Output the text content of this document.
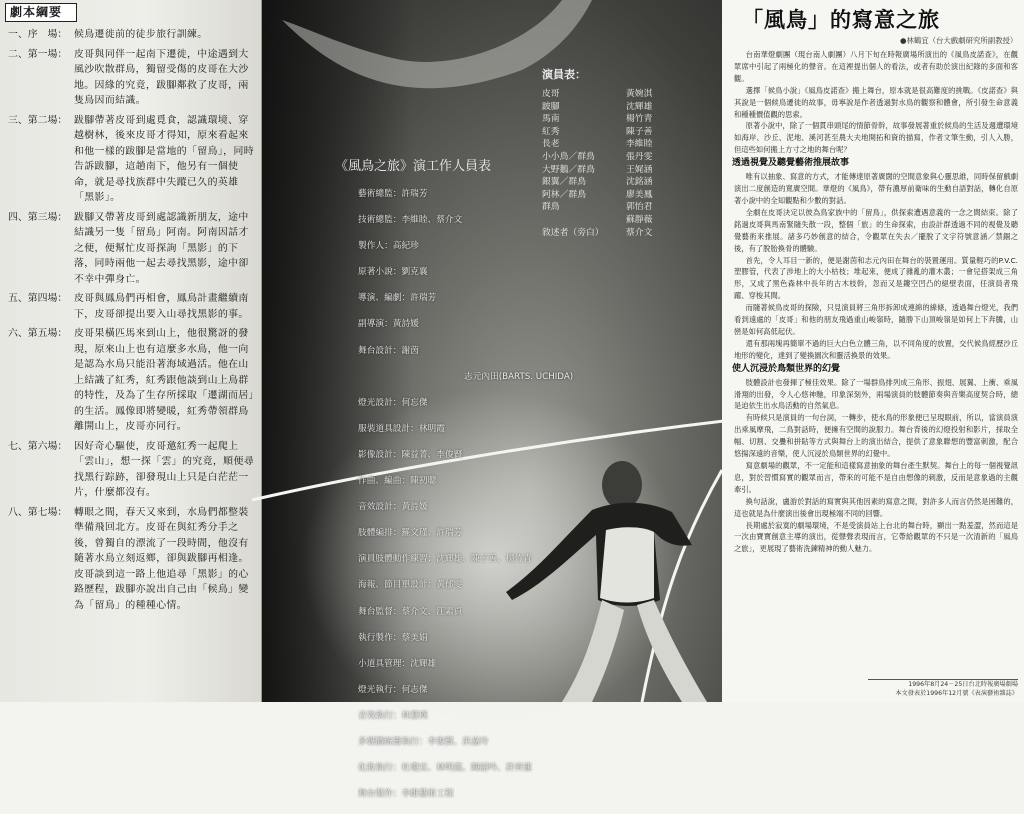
劇本綱要
一、序　場： 候鳥遷徙前的徒步旅行訓練。
二、第一場： 皮哥與同伴一起南下遷徙，中途遇到大風沙吹散群鳥，獨留受傷的皮哥在大沙地。因緣的究竟，跋腳鄰救了皮哥，兩隻鳥因而結識。
三、第二場： 跋腳帶著皮哥到處覓食，認識環境、穿越樹林，後來皮哥才得知，原來看起來和他一樣的跋腳是當地的「留鳥」，同時告訴跋腳，這趟南下，他另有一個使命，就是尋找族群中失蹤已久的英雄「黑影」。
四、第三場： 跋腳又帶著皮哥到處認識新朋友，途中結識另一隻「留鳥」阿南。阿南因話才之便，便幫忙皮哥探詢「黑影」的下落，同時兩他一起去尋找黑影，途中卻不幸中彈身亡。
五、第四場： 皮哥與鳳鳥們再相會，鳳鳥計畫繼續南下，皮哥卻提出要入山尋找黑影的事。
六、第五場： 皮哥果橫匹馬來到山上，他很驚訝的發現，原來山上也有這麼多水鳥，他一向是認為水鳥只能沿著海域過活。他在山上結識了紅秀，紅秀跟他談到山上鳥群的特性，及為了生存所採取「遷湖而居」的生活。鳳像即將變暖，紅秀帶領群鳥離開山上，皮哥亦同行。
七、第六場： 因好奇心驅使，皮哥邀紅秀一起爬上「雲山」，想一探「雲」的究竟，順便尋找黑行踪跡，卻發現山上只是白茫茫一片，什麼都沒有。
八、第七場： 轉眼之間，春天又來到，水鳥們都整裝準備飛回北方。皮哥在與紅秀分手之後，曾獨自的漂流了一段時間，他沒有隨著水鳥立刻返鄉，卻與跋腳再相逢。皮哥談到這一路上他追尋「黑影」的心路歷程，跋腳亦說出自己由「候鳥」變為「留鳥」的種種心情。
《風鳥之旅》演工作人員表
藝術總監：許瑞芳
技術總監：李維睦、蔡介文
製作人：高紀珍
原著小說：劉克襄
導演、編劇：許瑞芳
副導演：黃詩媛
舞台設計：謝茵
志元內田(BARTS. UCHIDA)
燈光設計：何忘傑
服裝道具設計：林明霞
影像設計：陳益菁、李俊賢
作曲、編曲：陳初聰
音效設計：黃詩媛
肢體編排：羅文瑾、許瑞芳
演員肢體動作練習：沈輝雄、陳子善、楊竹青
海報、節目單設計：黃郁雯
舞台監督：蔡介文、江素貞
執行製作：蔡美娟
小道具管理：沈輝雄
燈光執行：何志傑
音效執行：林慧瑛
多媒體統籌執行：李俊賢、洪嘉玲
化妝執行：杜瓊宜、林明霞、陳韶吟、許齊蓮
舞台製作：李維藝術工程
演員表：
皮哥	黃婉淇
跛腳	沈輝雄
馬南	楊竹青
紅秀	陳子善
長老	李維睦
小小鳥／群鳥	張丹雯
大野鵝／群鳥	王娓涵
銀翼／群鳥	沈銘涵
阿林／群鳥	廖美鳳
群鳥	郭怡君
蘇靜薇
敘述者（旁白）	蔡介文
「風鳥」的寫意之旅
●林鶴宜（台大戲劇研究所副教授）

台南華燈劇團（現台南人劇團）八月下旬在時報廣場所演出的《風鳥皮諾查》，在觀眾席中引起了兩極化的聲音。在這裡提出個人的看法，或者有助於演出紀錄的多面和客觀。

選擇「候鳥小說」《風鳥皮諾查》搬上舞台，原本就是很高難度的挑戰。《皮諾查》與其說是一個候鳥遷徙的故事，毋寧說是作者透過對水鳥的觀察和體會，所引發生命意義和種種價值觀的思索。

原著小說中，除了一個貫串頭尾的情節骨幹，故事發展著重於候鳥的生活及週遭環境如海岸、沙丘、泥地、溪河甚至農大夫地開拓和資的描寫，作者文筆生動，引人入勝，但這些如何搬上方寸之地的舞台呢？

透過視覺及聽覺藝術推展故事

唯有以抽象、寫意的方式，才能傳達原著廣闊的空間意象與心靈思維，同時保留戲劇演出二度創造的寬廣空間。華燈的《風鳥》，帶有濃厚前衛味的生動自語對話，轉化自原著小說中的全知觀點和少數的對話。

全劇在皮哥決定以彼為鳥家族中的「留鳥」，供探索遭遇意義的一念之間結束。除了銘過皮哥與馬南緊隨失散一段，整個「旅」的生命探索，由設計群透過不同的視覺及聽覺藝術來推展。諸多巧妙創意的結合，令觀眾在失去／擺脫了文字符號意涵／禁錮之後，有了脫胎換骨的體驗。

首先，令人耳目一新的，便是謝茵和志元內田在舞台的裝置運用。質量輕巧的P.V.C.塑膠管，代表了涉地上的大小枯枝；堆起來，便成了雜亂的灌木叢；一會兒搭架成三角形，又成了黑色森林中長年的古木枝幹，忽而又是鏤空凹凸的絕壁表面，任演員者飛躍、穿梭其間。

而隨著候鳥皮哥的探險，只見演員將三角形拆卸成連綿的線條，透過舞台燈光，我們看到遠處的「皮哥」和他的朋友飛過重山峻嶺時，隨勝下山頂峻嶺是如何上下奔騰，山巒是如何高低起伏。

還有那兩塊再簡單不過的巨大白色立體三角，以不同角度的放置，交代候鳥經歷沙丘地形的變化，達到了變換園次和靈活換景的效果。

使人沉浸於鳥類世界的幻覺

肢體設計也發揮了極佳效果。除了一場群鳥排列成三角形、振翅、展翼、上衝、乘風滑翔的出發，令人心悠神馳，印象深刻外，兩場演員的肢體節奏與音樂高度契合時，總是迫依生出水鳥活動的自然氣息。

有時候只是演員的一句台詞，一轉步，使水鳥的形象便已呈現眼前，所以，當演員演出乘風摩飛，二鳥對話時，便擁有空間的說服力。舞台背後的幻燈投射和影片，採取全幅、切割、交疊和拼貼等方式與舞台上的演出結合，提供了意象聯想的豐富刺激，配合悠揚深遠的音樂，使人沉浸於鳥類世界的幻覺中。

寫意劇場的觀眾，不一定能和這樣寫意抽象的舞台產生默契。舞台上的每一個視覺訊息，對於習慣寫實的觀眾而言，帶來的可能不是自由想像的刺激，反而是意象過的主觀牽引。

換句話說，盧游於對話的寫實與其他因素的寫意之間，對許多人而言仍然是困難的，這也就是為什麼演出後會出現極端不同的回響。

長期處於寂寞的劇場環境，不是受演員站上台北的舞台時，顯出一點羞澀，然而這是一次由寶寶創意主導的演出，從聲聲表現而言，它帶給觀眾的不只是一次清新的「風鳥之旅」，更展現了藝術洗鍊精神的動人魅力。

1996年8月24－25日台北時報廣場劇場
本文發表於1996年12月號《表演藝術雜誌》
